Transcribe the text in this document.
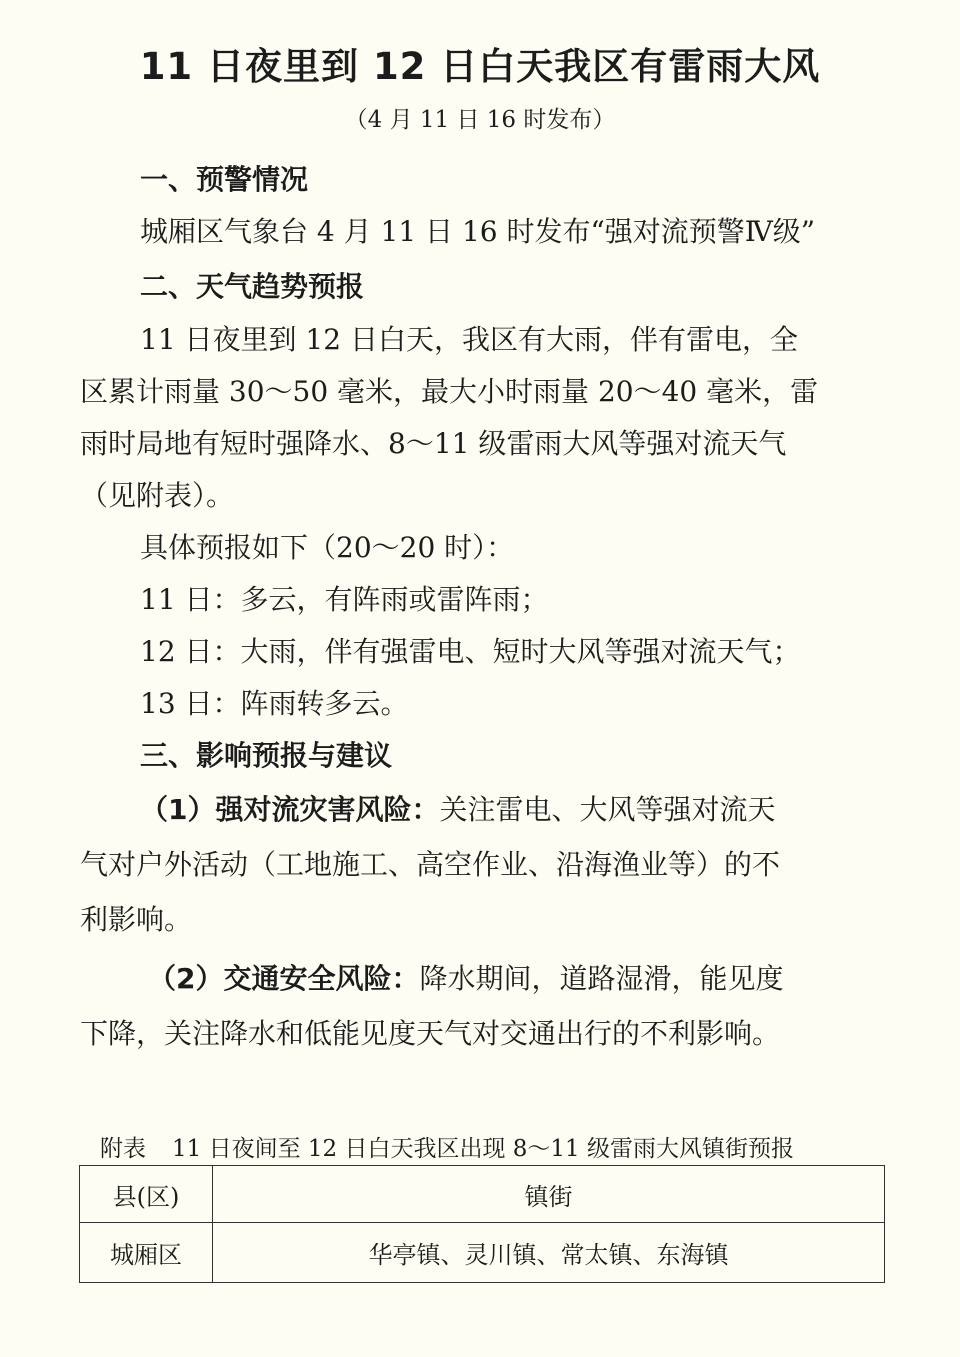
11 日夜里到 12 日白天我区有雷雨大风
（4 月 11 日 16 时发布）
一、预警情况
城厢区气象台 4 月 11 日 16 时发布“强对流预警Ⅳ级”
二、天气趋势预报
11 日夜里到 12 日白天，我区有大雨，伴有雷电，全
区累计雨量 30～50 毫米，最大小时雨量 20～40 毫米，雷
雨时局地有短时强降水、8～11 级雷雨大风等强对流天气
（见附表）。
具体预报如下（20～20 时）：
11 日：多云，有阵雨或雷阵雨；
12 日：大雨，伴有强雷电、短时大风等强对流天气；
13 日：阵雨转多云。
三、影响预报与建议
（1）强对流灾害风险：关注雷电、大风等强对流天
气对户外活动（工地施工、高空作业、沿海渔业等）的不
利影响。
（2）交通安全风险：降水期间，道路湿滑，能见度
下降，关注降水和低能见度天气对交通出行的不利影响。
附表 11 日夜间至 12 日白天我区出现 8～11 级雷雨大风镇街预报
县(区)	镇街
城厢区	华亭镇、灵川镇、常太镇、东海镇
